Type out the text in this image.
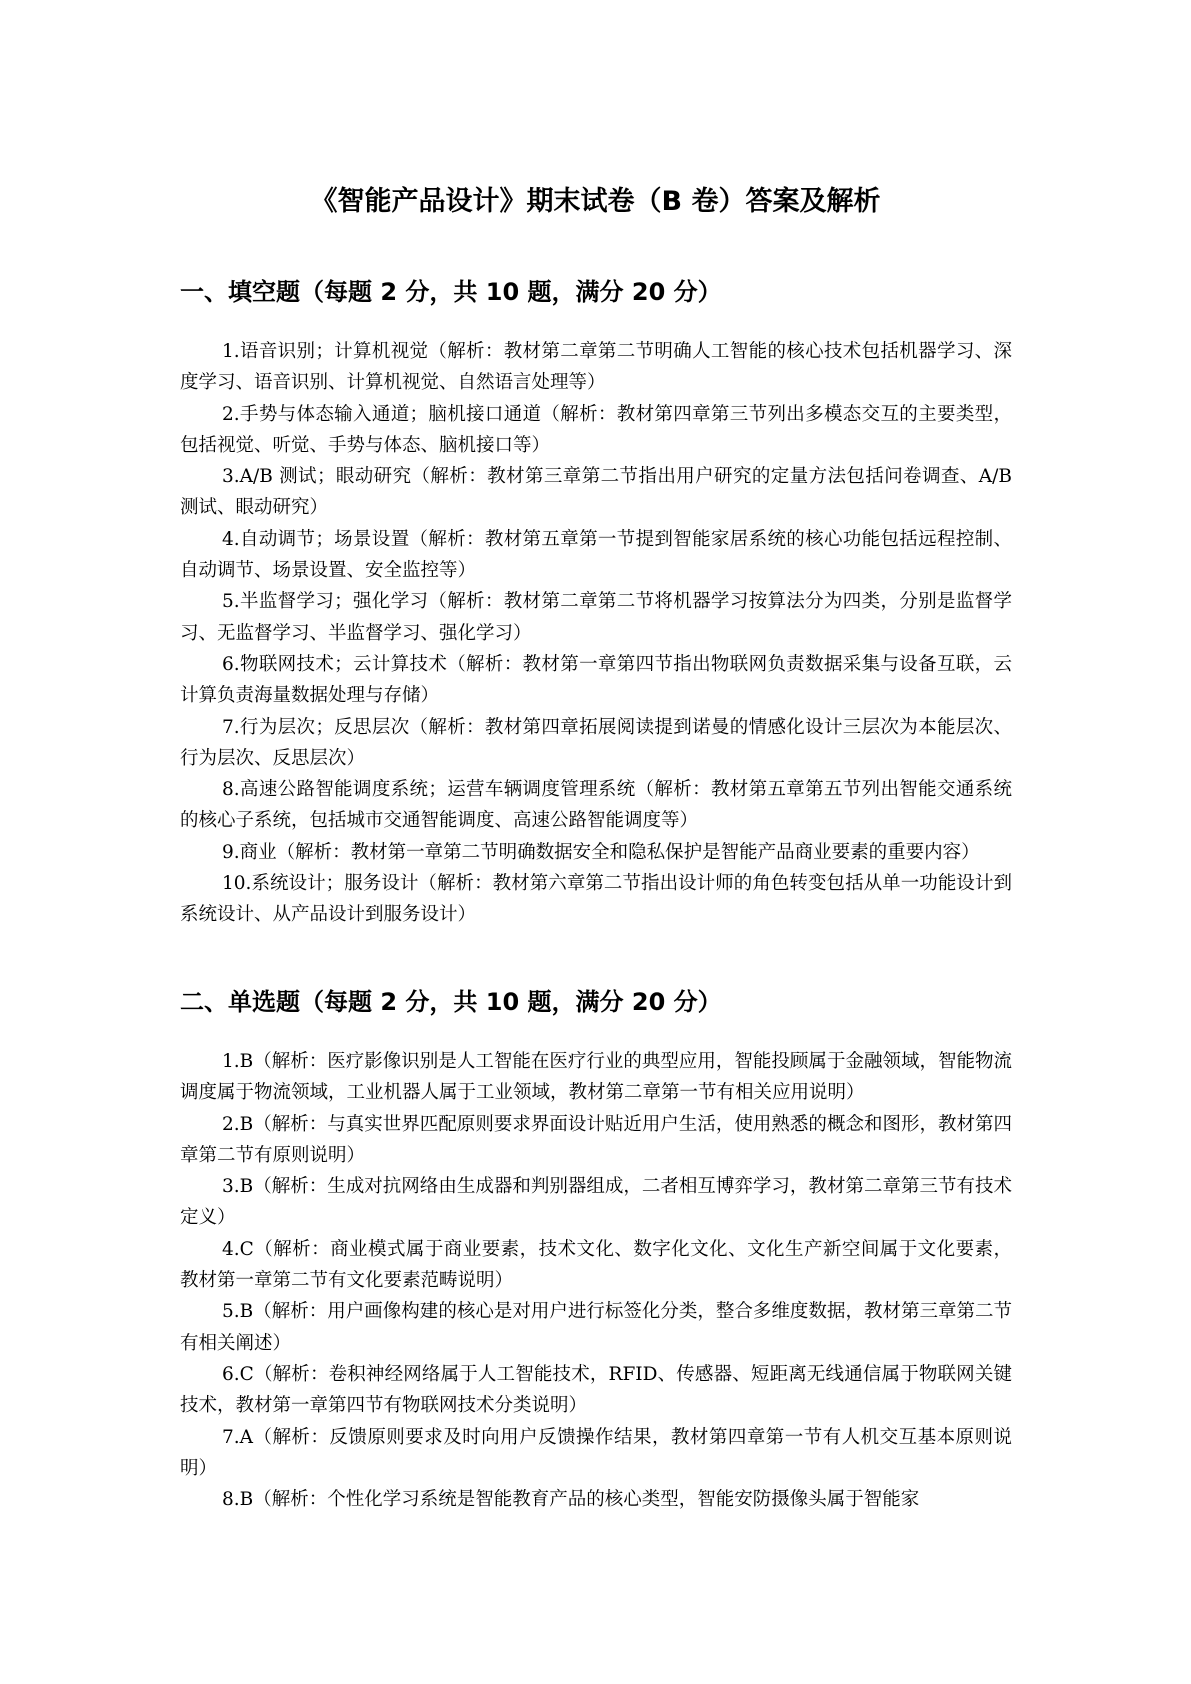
《智能产品设计》期末试卷（B 卷）答案及解析
一、填空题（每题 2 分，共 10 题，满分 20 分）
1.语音识别；计算机视觉（解析：教材第二章第二节明确人工智能的核心技术包括机器学习、深度学习、语音识别、计算机视觉、自然语言处理等）
2.手势与体态输入通道；脑机接口通道（解析：教材第四章第三节列出多模态交互的主要类型，包括视觉、听觉、手势与体态、脑机接口等）
3.A/B 测试；眼动研究（解析：教材第三章第二节指出用户研究的定量方法包括问卷调查、A/B 测试、眼动研究）
4.自动调节；场景设置（解析：教材第五章第一节提到智能家居系统的核心功能包括远程控制、自动调节、场景设置、安全监控等）
5.半监督学习；强化学习（解析：教材第二章第二节将机器学习按算法分为四类，分别是监督学习、无监督学习、半监督学习、强化学习）
6.物联网技术；云计算技术（解析：教材第一章第四节指出物联网负责数据采集与设备互联，云计算负责海量数据处理与存储）
7.行为层次；反思层次（解析：教材第四章拓展阅读提到诺曼的情感化设计三层次为本能层次、行为层次、反思层次）
8.高速公路智能调度系统；运营车辆调度管理系统（解析：教材第五章第五节列出智能交通系统的核心子系统，包括城市交通智能调度、高速公路智能调度等）
9.商业（解析：教材第一章第二节明确数据安全和隐私保护是智能产品商业要素的重要内容）
10.系统设计；服务设计（解析：教材第六章第二节指出设计师的角色转变包括从单一功能设计到系统设计、从产品设计到服务设计）
二、单选题（每题 2 分，共 10 题，满分 20 分）
1.B（解析：医疗影像识别是人工智能在医疗行业的典型应用，智能投顾属于金融领域，智能物流调度属于物流领域，工业机器人属于工业领域，教材第二章第一节有相关应用说明）
2.B（解析：与真实世界匹配原则要求界面设计贴近用户生活，使用熟悉的概念和图形，教材第四章第二节有原则说明）
3.B（解析：生成对抗网络由生成器和判别器组成，二者相互博弈学习，教材第二章第三节有技术定义）
4.C（解析：商业模式属于商业要素，技术文化、数字化文化、文化生产新空间属于文化要素，教材第一章第二节有文化要素范畴说明）
5.B（解析：用户画像构建的核心是对用户进行标签化分类，整合多维度数据，教材第三章第二节有相关阐述）
6.C（解析：卷积神经网络属于人工智能技术，RFID、传感器、短距离无线通信属于物联网关键技术，教材第一章第四节有物联网技术分类说明）
7.A（解析：反馈原则要求及时向用户反馈操作结果，教材第四章第一节有人机交互基本原则说明）
8.B（解析：个性化学习系统是智能教育产品的核心类型，智能安防摄像头属于智能家
